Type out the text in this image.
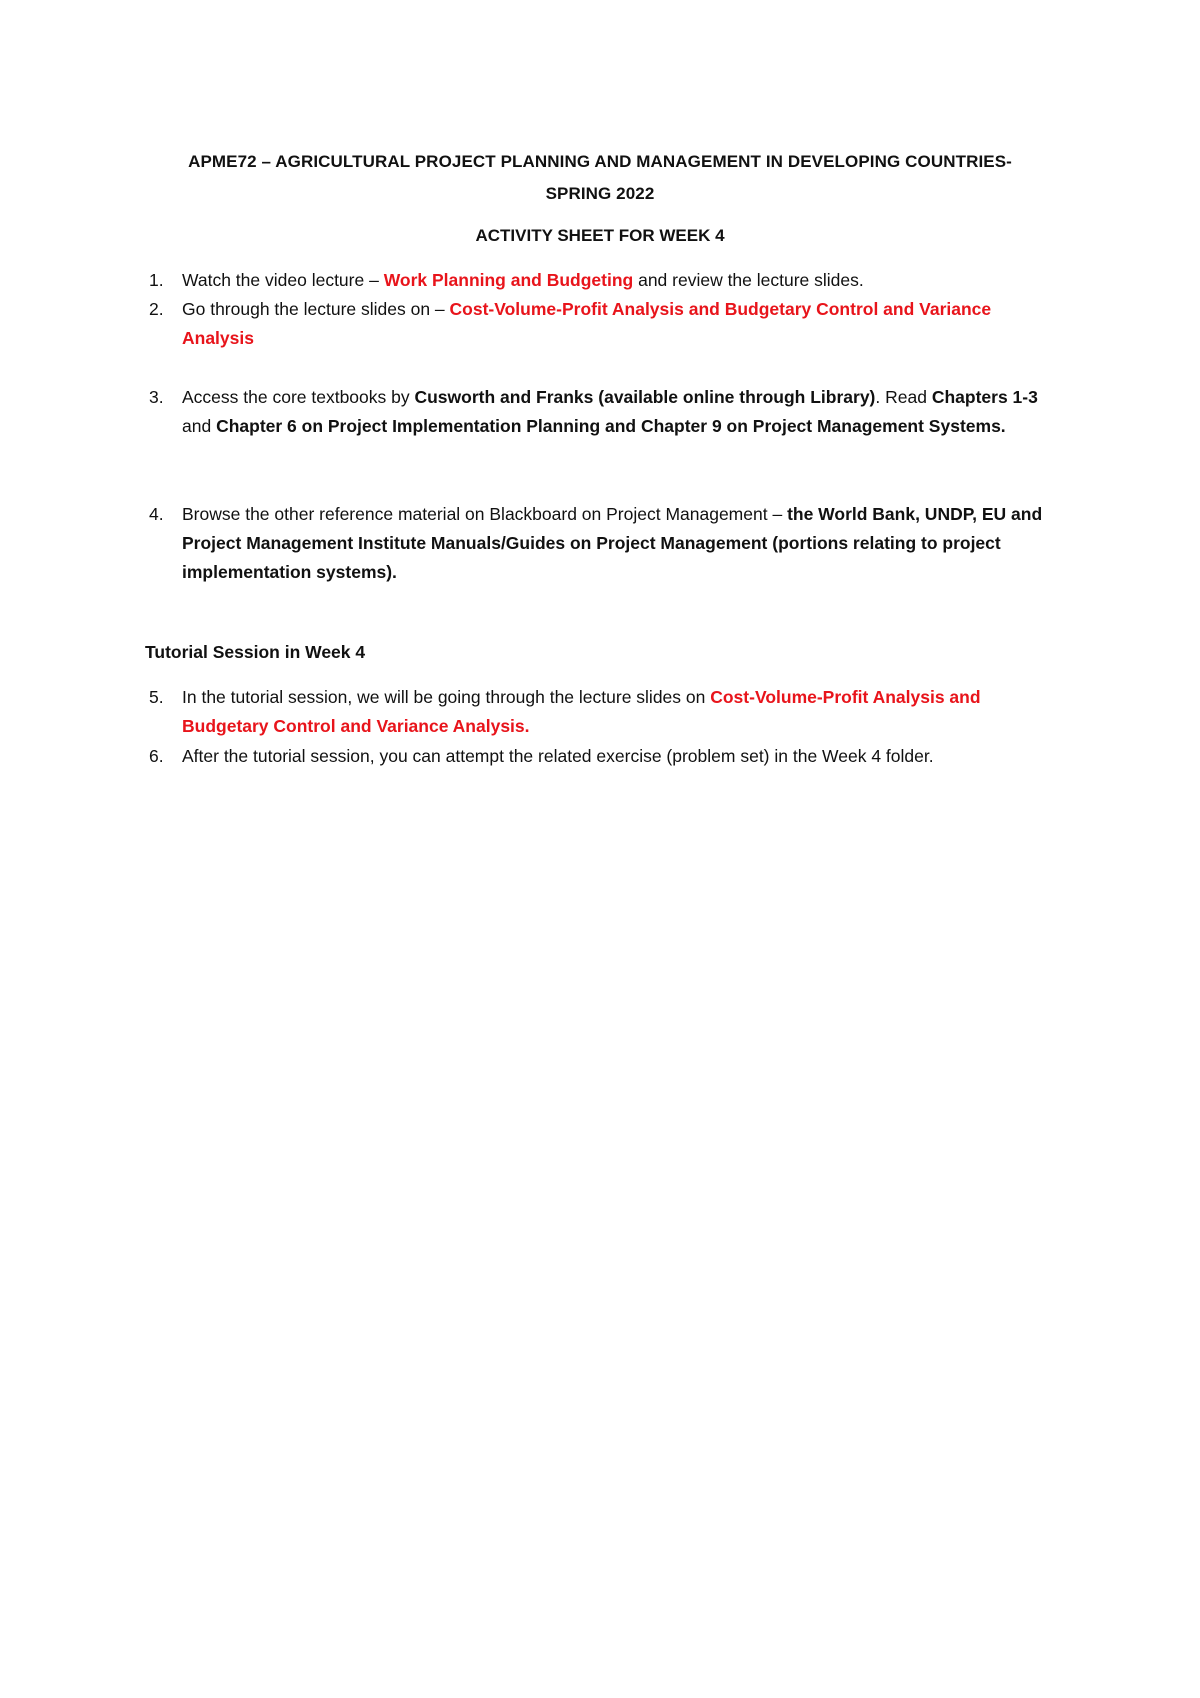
APME72 – AGRICULTURAL PROJECT PLANNING AND MANAGEMENT IN DEVELOPING COUNTRIES-
SPRING 2022
ACTIVITY SHEET FOR WEEK 4
1.	Watch the video lecture – Work Planning and Budgeting and review the lecture slides.
2.	Go through the lecture slides on – Cost-Volume-Profit Analysis and Budgetary Control and Variance Analysis
3.	Access the core textbooks by Cusworth and Franks (available online through Library). Read Chapters 1-3 and Chapter 6 on Project Implementation Planning and Chapter 9 on Project Management Systems.
4.	Browse the other reference material on Blackboard on Project Management – the World Bank, UNDP, EU and Project Management Institute Manuals/Guides on Project Management (portions relating to project implementation systems).
Tutorial Session in Week 4
5.	In the tutorial session, we will be going through the lecture slides on Cost-Volume-Profit Analysis and Budgetary Control and Variance Analysis.
6.	After the tutorial session, you can attempt the related exercise (problem set) in the Week 4 folder.
